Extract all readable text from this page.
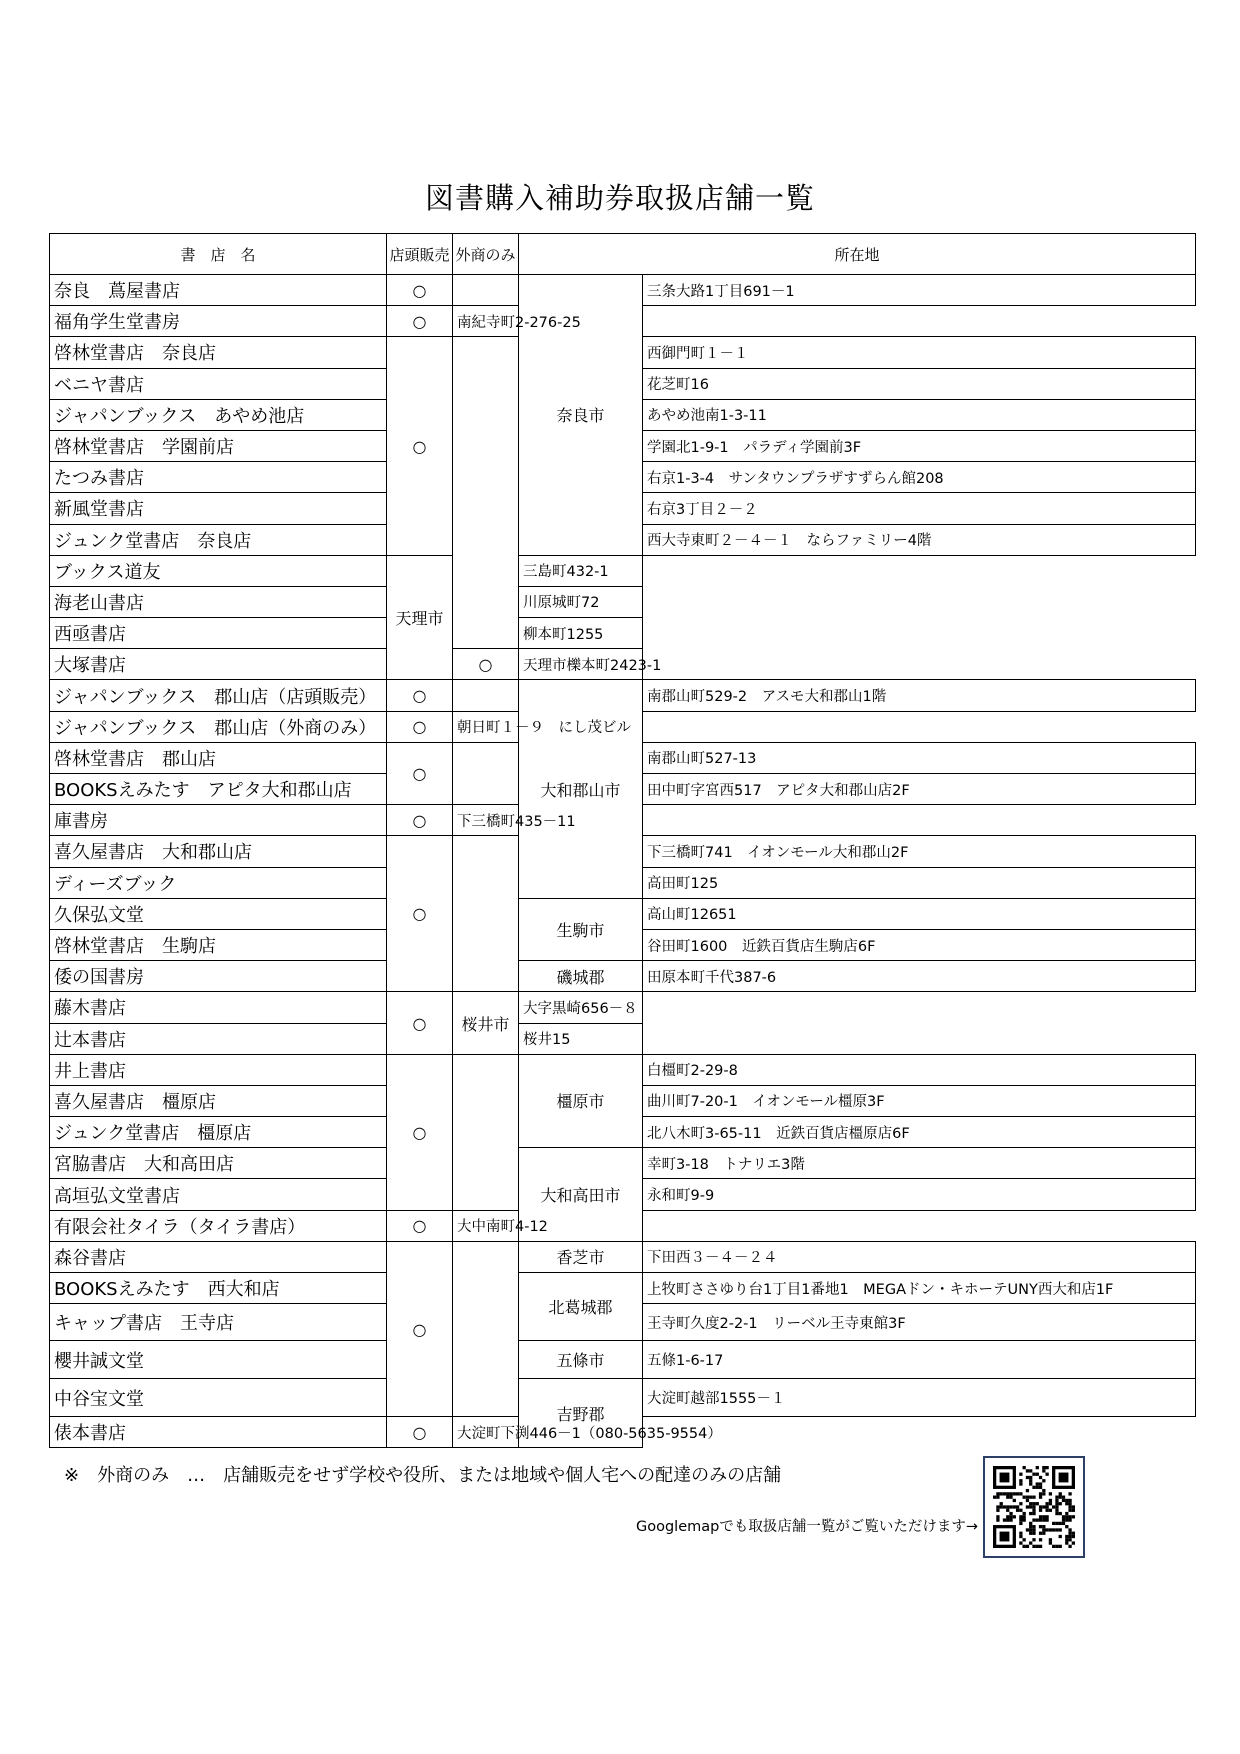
図書購入補助券取扱店舗一覧
書　店　名	店頭販売	外商のみ	所在地	
奈良　蔦屋書店	○		奈良市	三条大路1丁目691－1
福角学生堂書房	○	南紀寺町2-276-25		
啓林堂書店　奈良店	○			西御門町１－１
ベニヤ書店				花芝町16
ジャパンブックス　あやめ池店				あやめ池南1-3-11
啓林堂書店　学園前店				学園北1-9-1　パラディ学園前3F
たつみ書店				右京1-3-4　サンタウンプラザすずらん館208
新風堂書店				右京3丁目２－２
ジュンク堂書店　奈良店				西大寺東町２－４－１　ならファミリー4階
ブックス道友	天理市		三島町432-1	
海老山書店			川原城町72	
西亟書店			柳本町1255	
大塚書店		○	天理市櫟本町2423-1	
ジャパンブックス　郡山店（店頭販売）	○		大和郡山市	南郡山町529-2　アスモ大和郡山1階
ジャパンブックス　郡山店（外商のみ）	○	朝日町１－９　にし茂ビル		
啓林堂書店　郡山店	○			南郡山町527-13
BOOKSえみたす　アピタ大和郡山店				田中町字宮西517　アピタ大和郡山店2F
庫書房	○	下三橋町435－11		
喜久屋書店　大和郡山店	○			下三橋町741　イオンモール大和郡山2F
ディーズブック				高田町125
久保弘文堂			生駒市	高山町12651
啓林堂書店　生駒店				谷田町1600　近鉄百貨店生駒店6F
倭の国書房			磯城郡	田原本町千代387-6
藤木書店	○	桜井市	大字黒崎656－８	
辻本書店			桜井15	
井上書店	○		橿原市	白橿町2-29-8
喜久屋書店　橿原店				曲川町7-20-1　イオンモール橿原3F
ジュンク堂書店　橿原店				北八木町3-65-11　近鉄百貨店橿原店6F
宮脇書店　大和高田店			大和高田市	幸町3-18　トナリエ3階
高垣弘文堂書店				永和町9-9
有限会社タイラ（タイラ書店）	○	大中南町4-12		
森谷書店	○		香芝市	下田西３－４－２４
BOOKSえみたす　西大和店			北葛城郡	上牧町ささゆり台1丁目1番地1　MEGAドン・キホーテUNY西大和店1F
キャップ書店　王寺店				王寺町久度2-2-1　リーベル王寺東館3F
櫻井誠文堂			五條市	五條1-6-17
中谷宝文堂			吉野郡	大淀町越部1555－１
俵本書店	○	大淀町下渕446－1（080-5635-9554）		
※　外商のみ　…　店舗販売をせず学校や役所、または地域や個人宅への配達のみの店舗
Googlemapでも取扱店舗一覧がご覧いただけます→
